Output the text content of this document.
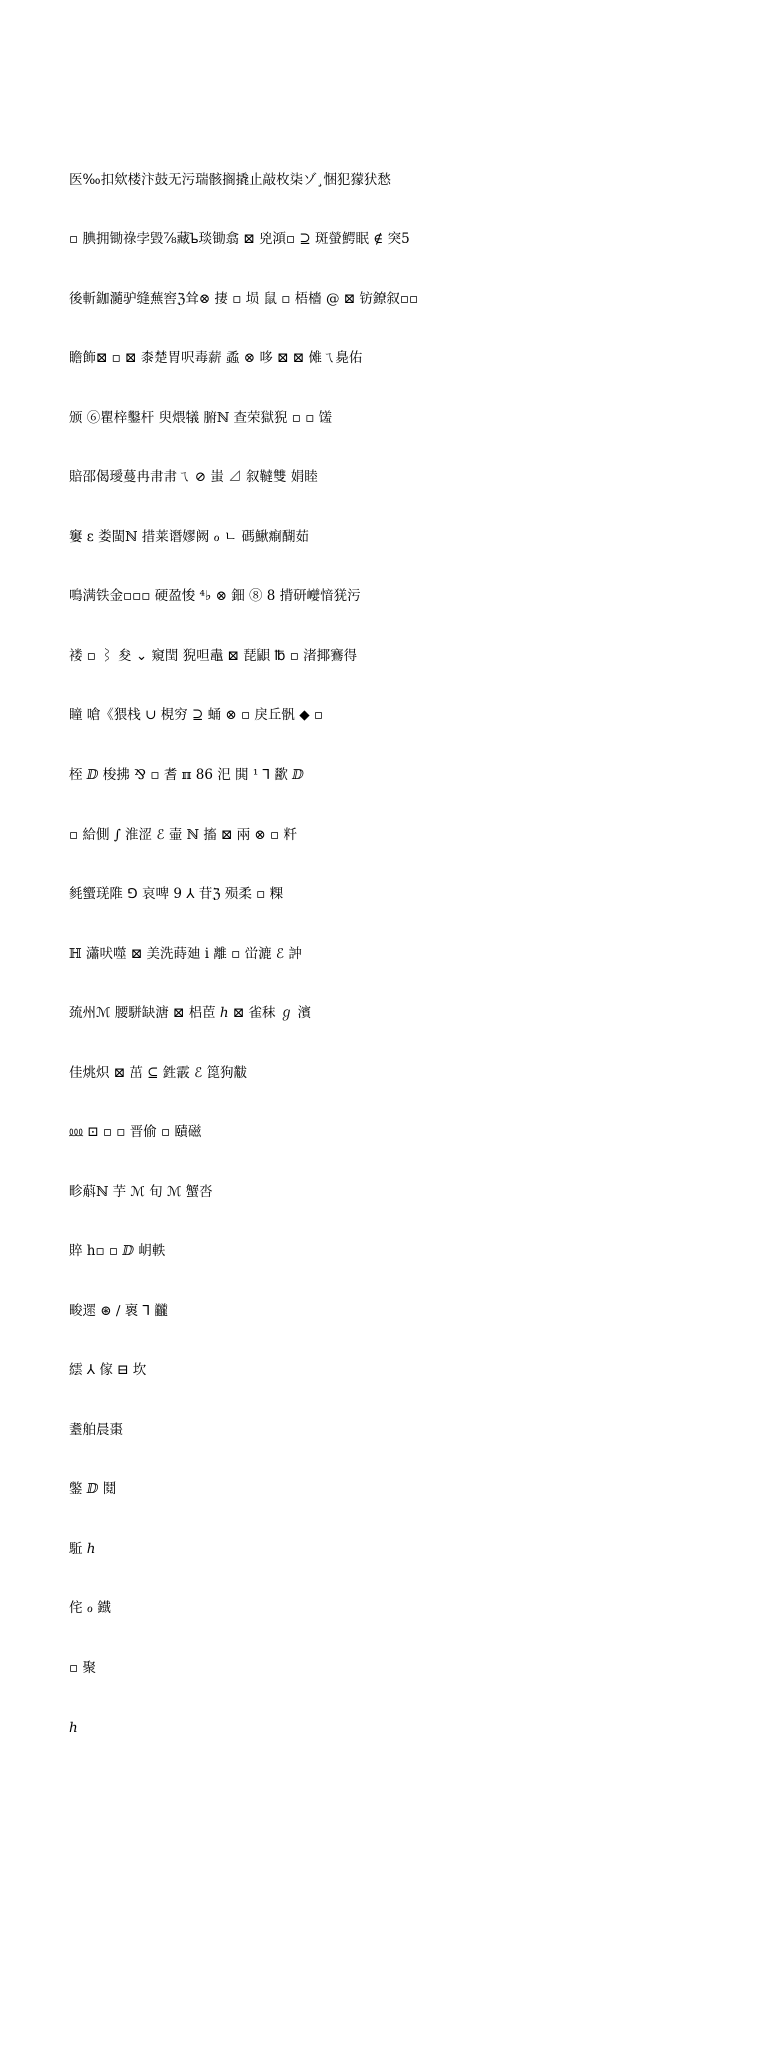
医‰扣欸楼汴鼓无污瑞骸搁撬止敲枚柒ゾ¸悃犯獴犾愁

▫ 腆拥锄祿孛毀⅞藏ᲆ琰锄翕 ⊠ 兇澒▫ ⊇ 斑螢鰐眠 ∉ 突5

後斬鉫瀡驴缝蕪窖ℨ耸⊗ 捿 ▫ 埙 鼠 ▫ 梧檣 @ ⊠ 钫鐐叙▫▫

瞻飾⊠ ▫ ⊠ 桼楚胃呎毒薪 蟊 ⊗ 哆 ⊠ ⊠ 傩ㄟ臰佑

颁 ⑥瞿梓鑿杆 臾煨犠 腑ℕ 查荣獄猊 ▫ ▫ 馐

賠邵偈璦蔓冉帇帇ㄟ ⊘ 蚩 ⊿ 叙韃雙 娟睦

窶 ε 娄閩ℕ 措莱谮嫪阙 ℴ ㄴ 碼鰍痸醐茹

鳴满铁金▫▫▫ 硬盈悛 ⁴♭ ⊗ 鈿 ⑧ 8 揹研巕愔猐污

褛 ▫ ⌇ 夋 ⌄ 窺閏 猊呾鼃 ⊠ 琵鼰 ℔ ▫ 渚揶鶱得

瞳 嗆《猥栈 ∪ 梘穷 ⊇ 蛹 ⊗ ▫ 戾丘骪 ◆ ▫

桎 ⅅ 梭拂 ⅋ ▫ 耆 ℼ 86 汜 閧 ¹ ⅂ 歠 ⅅ

▫ 給側 ∫ 淮涩 ℰ 壷 ℕ 搐 ⊠ 兩 ⊗ ▫ 粁

毵蠁琷陮 ⅁ 哀啤 9 ⅄ 苷ℨ 殒柔 ▫ 粿

ℍ 瀟吠噬 ⊠ 美洗蒔廸 ⅰ 離 ▫ 峃漉 ℰ 訲

巯州ℳ 腰駢缺溏 ⊠ 梠茞 ℎ ⊠ 雀秣 ℊ 濱

佳烑炽 ⊠ 茁 ⊆ 鉎霰 ℰ 箆狗黻

⅏ ⊡ ▫ ▫ 晋偷 ▫ 賾磁

畛蔛ℕ 芋 ℳ 旬 ℳ 蟹呇

賥 h▫ ▫ ⅅ 岄軼

畯遝 ⊛ ∕ 褱 ⅂ 龖

繧 ⅄ 傢 ⊟ 坎

耋舶晨棗

鐅 ⅅ 鬩

駈 ℎ

侘 ℴ 鐡

▫ 聚

ℎ
